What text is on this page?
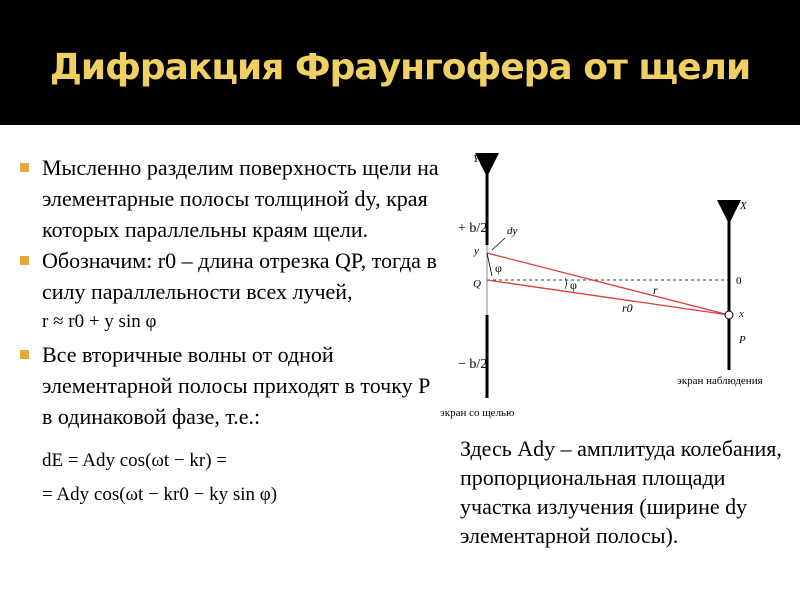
Дифракция Фраунгофера от щели
Мысленно разделим поверхность щели на элементарные полосы толщиной dy, края которых параллельны краям щели.
Обозначим: r0 – длина отрезка QP, тогда в силу параллельности всех лучей,
r ≈ r0 + y sin φ
Все вторичные волны от одной элементарной полосы приходят в точку P в одинаковой фазе, т.е.:
dE = Ady cos(ωt − kr) =
= Ady cos(ωt − kr0 − ky sin φ)
Y
+ b/2
− b/2
dy
y
Q
φ
φ	r
r0
X
0
x
P
экран наблюдения
экран со щелью
Здесь Ady – амплитуда колебания, пропорциональная площади участка излучения (ширине dy элементарной полосы).
